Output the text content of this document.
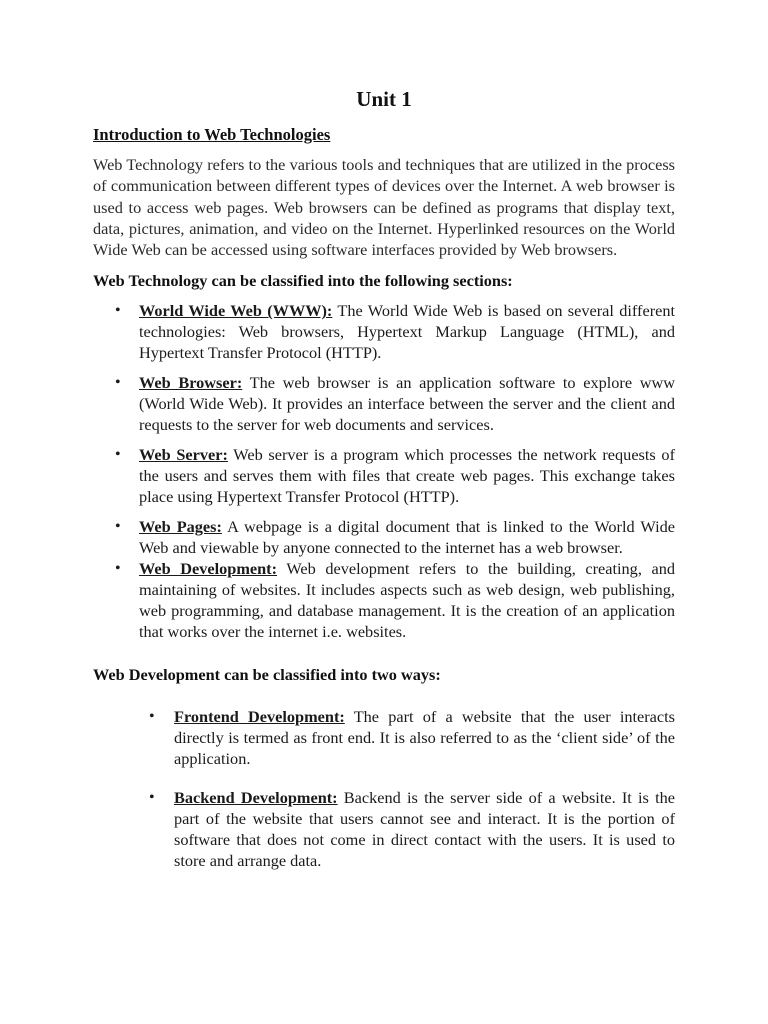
Unit 1
Introduction to Web Technologies

Web Technology refers to the various tools and techniques that are utilized in the process of communication between different types of devices over the Internet. A web browser is used to access web pages. Web browsers can be defined as programs that display text, data, pictures, animation, and video on the Internet. Hyperlinked resources on the World Wide Web can be accessed using software interfaces provided by Web browsers.

Web Technology can be classified into the following sections:
• World Wide Web (WWW): The World Wide Web is based on several different technologies: Web browsers, Hypertext Markup Language (HTML), and Hypertext Transfer Protocol (HTTP).
• Web Browser: The web browser is an application software to explore www (World Wide Web). It provides an interface between the server and the client and requests to the server for web documents and services.
• Web Server: Web server is a program which processes the network requests of the users and serves them with files that create web pages. This exchange takes place using Hypertext Transfer Protocol (HTTP).
• Web Pages: A webpage is a digital document that is linked to the World Wide Web and viewable by anyone connected to the internet has a web browser.
• Web Development: Web development refers to the building, creating, and maintaining of websites. It includes aspects such as web design, web publishing, web programming, and database management. It is the creation of an application that works over the internet i.e. websites.
Web Development can be classified into two ways:
• Frontend Development: The part of a website that the user interacts directly is termed as front end. It is also referred to as the ‘client side’ of the application.
• Backend Development: Backend is the server side of a website. It is the part of the website that users cannot see and interact. It is the portion of software that does not come in direct contact with the users. It is used to store and arrange data.
